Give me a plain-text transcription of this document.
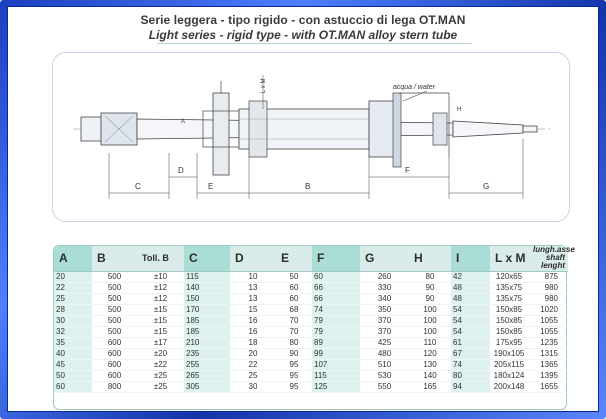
Serie leggera - tipo rigido - con astuccio di lega OT.MAN
Light series - rigid type - with OT.MAN alloy stern tube
acqua / water
A
L x M
H
C
D
E	B
F
G
A	B	Toll. B	C	D	E	F	G	H	I	L x M	lungh.asse shaft lenght
20	500	±10	115	10	50	60	260	80	42	120x65	875
22	500	±12	140	13	60	66	330	90	48	135x75	980
25	500	±12	150	13	60	66	340	90	48	135x75	980
28	500	±15	170	15	68	74	350	100	54	150x85	1020
30	500	±15	185	16	70	79	370	100	54	150x85	1055
32	500	±15	185	16	70	79	370	100	54	150x85	1055
35	600	±17	210	18	80	89	425	110	61	175x95	1235
40	600	±20	235	20	90	99	480	120	67	190x105	1315
45	600	±22	255	22	95	107	510	130	74	205x115	1365
50	600	±25	265	25	95	115	530	140	80	180x124	1395
60	800	±25	305	30	95	125	550	165	94	200x148	1655
